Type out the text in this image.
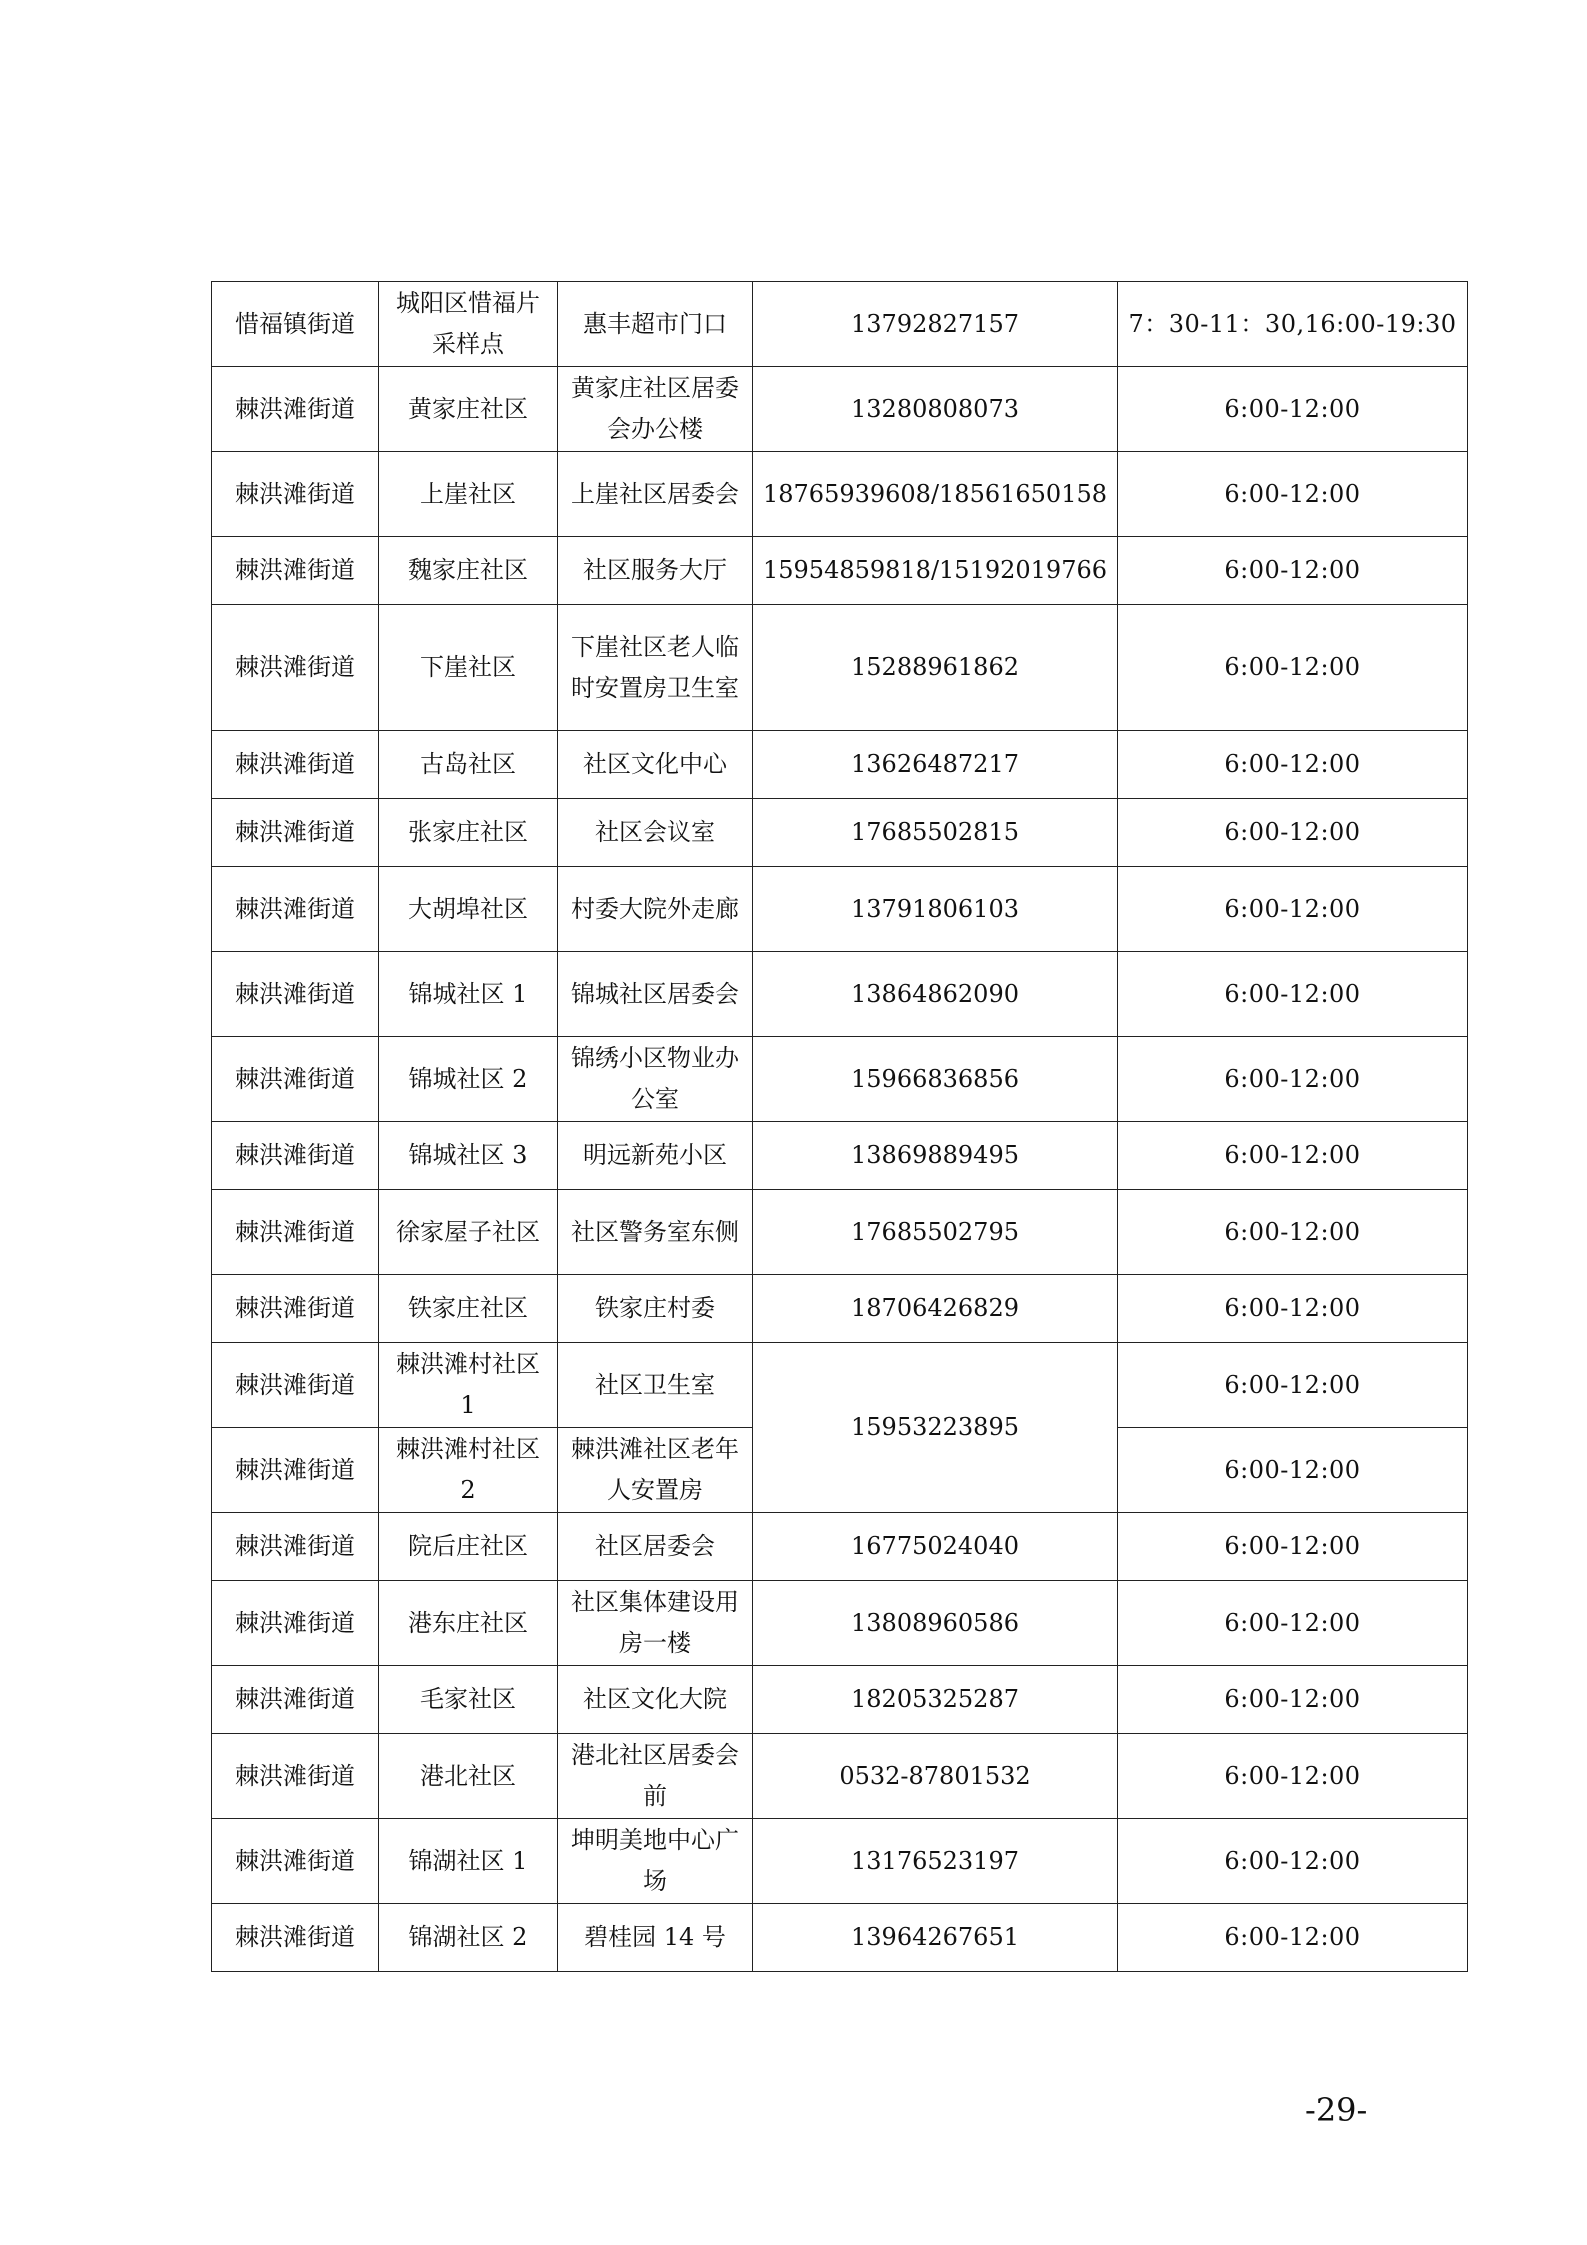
惜福镇街道	城阳区惜福片采样点	惠丰超市门口	13792827157	7：30-11：30,16:00-19:30
棘洪滩街道	黄家庄社区	黄家庄社区居委会办公楼	13280808073	6:00-12:00
棘洪滩街道	上崖社区	上崖社区居委会	18765939608/18561650158	6:00-12:00
棘洪滩街道	魏家庄社区	社区服务大厅	15954859818/15192019766	6:00-12:00
棘洪滩街道	下崖社区	下崖社区老人临时安置房卫生室	15288961862	6:00-12:00
棘洪滩街道	古岛社区	社区文化中心	13626487217	6:00-12:00
棘洪滩街道	张家庄社区	社区会议室	17685502815	6:00-12:00
棘洪滩街道	大胡埠社区	村委大院外走廊	13791806103	6:00-12:00
棘洪滩街道	锦城社区 1	锦城社区居委会	13864862090	6:00-12:00
棘洪滩街道	锦城社区 2	锦绣小区物业办公室	15966836856	6:00-12:00
棘洪滩街道	锦城社区 3	明远新苑小区	13869889495	6:00-12:00
棘洪滩街道	徐家屋子社区	社区警务室东侧	17685502795	6:00-12:00
棘洪滩街道	铁家庄社区	铁家庄村委	18706426829	6:00-12:00
棘洪滩街道	棘洪滩村社区 1	社区卫生室	15953223895	6:00-12:00
棘洪滩街道	棘洪滩村社区 2	棘洪滩社区老年人安置房		6:00-12:00
棘洪滩街道	院后庄社区	社区居委会	16775024040	6:00-12:00
棘洪滩街道	港东庄社区	社区集体建设用房一楼	13808960586	6:00-12:00
棘洪滩街道	毛家社区	社区文化大院	18205325287	6:00-12:00
棘洪滩街道	港北社区	港北社区居委会前	0532-87801532	6:00-12:00
棘洪滩街道	锦湖社区 1	坤明美地中心广场	13176523197	6:00-12:00
棘洪滩街道	锦湖社区 2	碧桂园 14 号	13964267651	6:00-12:00
-29-
